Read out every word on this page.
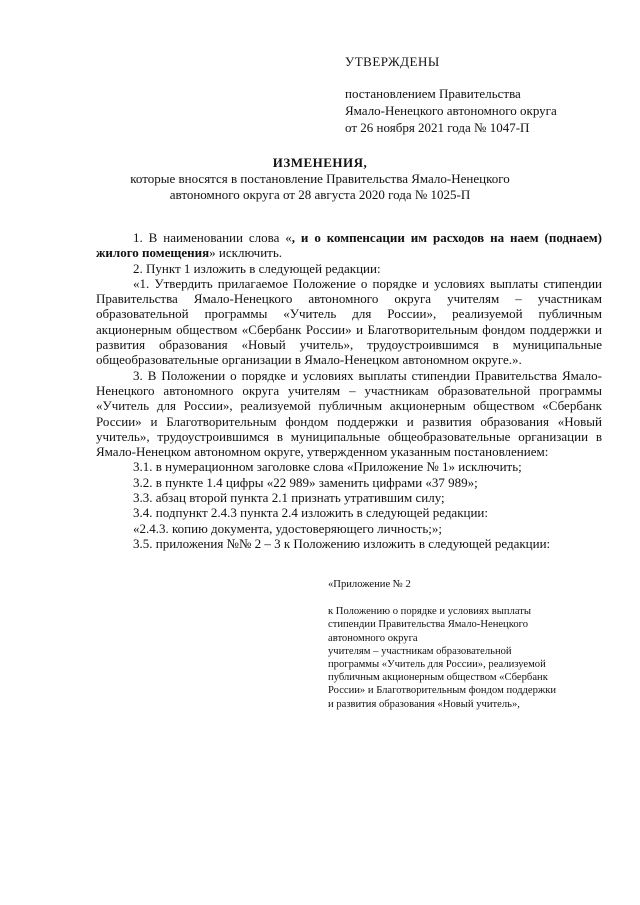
УТВЕРЖДЕНЫ
постановлением Правительства
Ямало-Ненецкого автономного округа
от 26 ноября 2021 года № 1047-П
ИЗМЕНЕНИЯ,
которые вносятся в постановление Правительства Ямало-Ненецкого
автономного округа от 28 августа 2020 года № 1025-П

1. В наименовании слова «, и о компенсации им расходов на наем (поднаем) жилого помещения» исключить.

2. Пункт 1 изложить в следующей редакции:

«1. Утвердить прилагаемое Положение о порядке и условиях выплаты стипендии Правительства Ямало-Ненецкого автономного округа учителям – участникам образовательной программы «Учитель для России», реализуемой публичным акционерным обществом «Сбербанк России» и Благотворительным фондом поддержки и развития образования «Новый учитель», трудоустроившимся в муниципальные общеобразовательные организации в Ямало-Ненецком автономном округе.».

3. В Положении о порядке и условиях выплаты стипендии Правительства Ямало-Ненецкого автономного округа учителям – участникам образовательной программы «Учитель для России», реализуемой публичным акционерным обществом «Сбербанк России» и Благотворительным фондом поддержки и развития образования «Новый учитель», трудоустроившимся в муниципальные общеобразовательные организации в Ямало-Ненецком автономном округе, утвержденном указанным постановлением:

3.1. в нумерационном заголовке слова «Приложение № 1» исключить;

3.2. в пункте 1.4 цифры «22 989» заменить цифрами «37 989»;

3.3. абзац второй пункта 2.1 признать утратившим силу;

3.4. подпункт 2.4.3 пункта 2.4 изложить в следующей редакции:

«2.4.3. копию документа, удостоверяющего личность;»;

3.5. приложения №№ 2 – 3 к Положению изложить в следующей редакции:

«Приложение № 2
к Положению о порядке и условиях выплаты
стипендии Правительства Ямало-Ненецкого
автономного округа
учителям – участникам образовательной
программы «Учитель для России», реализуемой
публичным акционерным обществом «Сбербанк
России» и Благотворительным фондом поддержки
и развития образования «Новый учитель»,
